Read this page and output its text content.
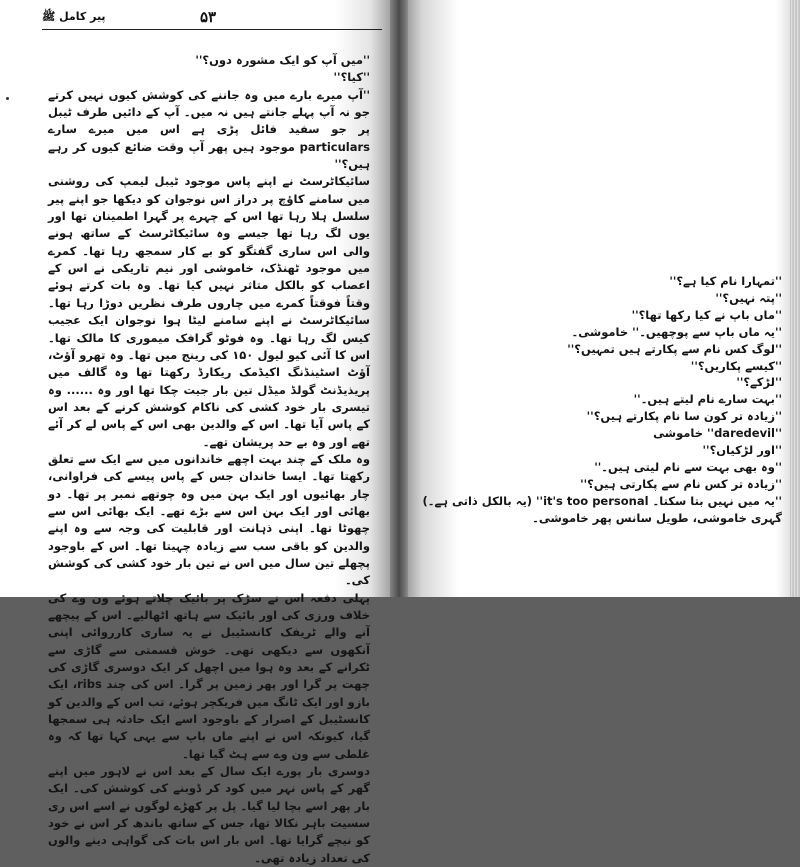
پیر کامل ﷺ	۵۳

''میں آپ کو ایک مشورہ دوں؟''

''کیا؟''

''آپ میرے بارے میں وہ جاننے کی کوشش کیوں نہیں کرتے جو نہ آپ پہلے جانتے ہیں نہ میں۔ آپ کے دائیں طرف ٹیبل پر جو سفید فائل پڑی ہے اس میں میرے سارے particulars موجود ہیں پھر آپ وقت ضائع کیوں کر رہے ہیں؟''

سائیکاٹرسٹ نے اپنے پاس موجود ٹیبل لیمپ کی روشنی میں سامنے کاؤچ پر دراز اس نوجوان کو دیکھا جو اپنے پیر سلسل ہلا رہا تھا اس کے چہرے پر گہرا اطمینان تھا اور یوں لگ رہا تھا جیسے وہ سائیکاٹرسٹ کے ساتھ ہونے والی اس ساری گفتگو کو بے کار سمجھ رہا تھا۔ کمرے میں موجود ٹھنڈک، خاموشی اور نیم تاریکی نے اس کے اعصاب کو بالکل متاثر نہیں کیا تھا۔ وہ بات کرتے ہوئے وقتاً فوقتاً کمرے میں چاروں طرف نظریں دوڑا رہا تھا۔ سائیکاٹرسٹ نے اپنے سامنے لیٹا ہوا نوجوان ایک عجیب کیس لگ رہا تھا۔ وہ فوٹو گرافک میموری کا مالک تھا۔ اس کا آئی کیو لیول ۱۵۰ کی رینج میں تھا۔ وہ تھرو آؤٹ، آؤٹ اسٹینڈنگ اکیڈمک ریکارڈ رکھتا تھا وہ گالف میں پریذیڈنٹ گولڈ میڈل تین بار جیت چکا تھا اور وہ ...... وہ تیسری بار خود کشی کی ناکام کوشش کرنے کے بعد اس کے پاس آیا تھا۔ اس کے والدین بھی اس کے پاس لے کر آئے تھے اور وہ بے حد پریشان تھے۔

وہ ملک کے چند بہت اچھے خاندانوں میں سے ایک سے تعلق رکھتا تھا۔ ایسا خاندان جس کے پاس پیسے کی فراوانی، چار بھائیوں اور ایک بہن میں وہ چوتھے نمبر پر تھا۔ دو بھائی اور ایک بہن اس سے بڑے تھے۔ ایک بھائی اس سے چھوٹا تھا۔ اپنی ذہانت اور قابلیت کی وجہ سے وہ اپنے والدین کو باقی سب سے زیادہ چہیتا تھا۔ اس کے باوجود پچھلے تین سال میں اس نے تین بار خود کشی کی کوشش کی۔

پہلی دفعہ اس نے سڑک پر بائیک چلاتے ہوئے ون وے کی خلاف ورزی کی اور بائیک سے ہاتھ اٹھالیے۔ اس کے پیچھے آنے والے ٹریفک کانسٹیبل نے یہ ساری کارروائی اپنی آنکھوں سے دیکھی تھی۔ خوش قسمتی سے گاڑی سے ٹکرانے کے بعد وہ ہوا میں اچھل کر ایک دوسری گاڑی کی چھت پر گرا اور پھر زمین پر گرا۔ اس کی چند ribs، ایک بازو اور ایک ٹانگ میں فریکچر ہوئے، تب اس کے والدین کو کانسٹیبل کے اصرار کے باوجود اسے ایک حادثہ ہی سمجھا گیا، کیونکہ اس نے اپنے ماں باپ سے یہی کہا تھا کہ وہ غلطی سے ون وے سے ہٹ گیا تھا۔

دوسری بار پورے ایک سال کے بعد اس نے لاہور میں اپنے گھر کے پاس نہر میں کود کر ڈوبنے کی کوشش کی۔ ایک بار پھر اسے بچا لیا گیا۔ پل پر کھڑے لوگوں نے اسے اس ری سسیت باہر نکالا تھا، جس کے ساتھ باندھ کر اس نے خود کو نیچے گرایا تھا۔ اس بار اس بات کی گواہی دینے والوں کی تعداد زیادہ تھی۔

''تمہارا نام کیا ہے؟''

''پتہ نہیں؟''

''ماں باپ نے کیا رکھا تھا؟''

''یہ ماں باپ سے پوچھیں۔'' خاموشی۔

''لوگ کس نام سے پکارتے ہیں تمہیں؟''

''کیسے پکاریں؟''

''لڑکے؟''

''بہت سارے نام لیتے ہیں۔''

''زیادہ تر کون سا نام پکارتے ہیں؟''

''daredevil'' خاموشی

''اور لڑکیاں؟''

''وہ بھی بہت سے نام لیتی ہیں۔''

''زیادہ تر کس نام سے پکارتی ہیں؟''

''یہ میں نہیں بتا سکتا۔ it's too personal'' (یہ بالکل ذاتی ہے۔)

گہری خاموشی، طویل سانس پھر خاموشی۔
